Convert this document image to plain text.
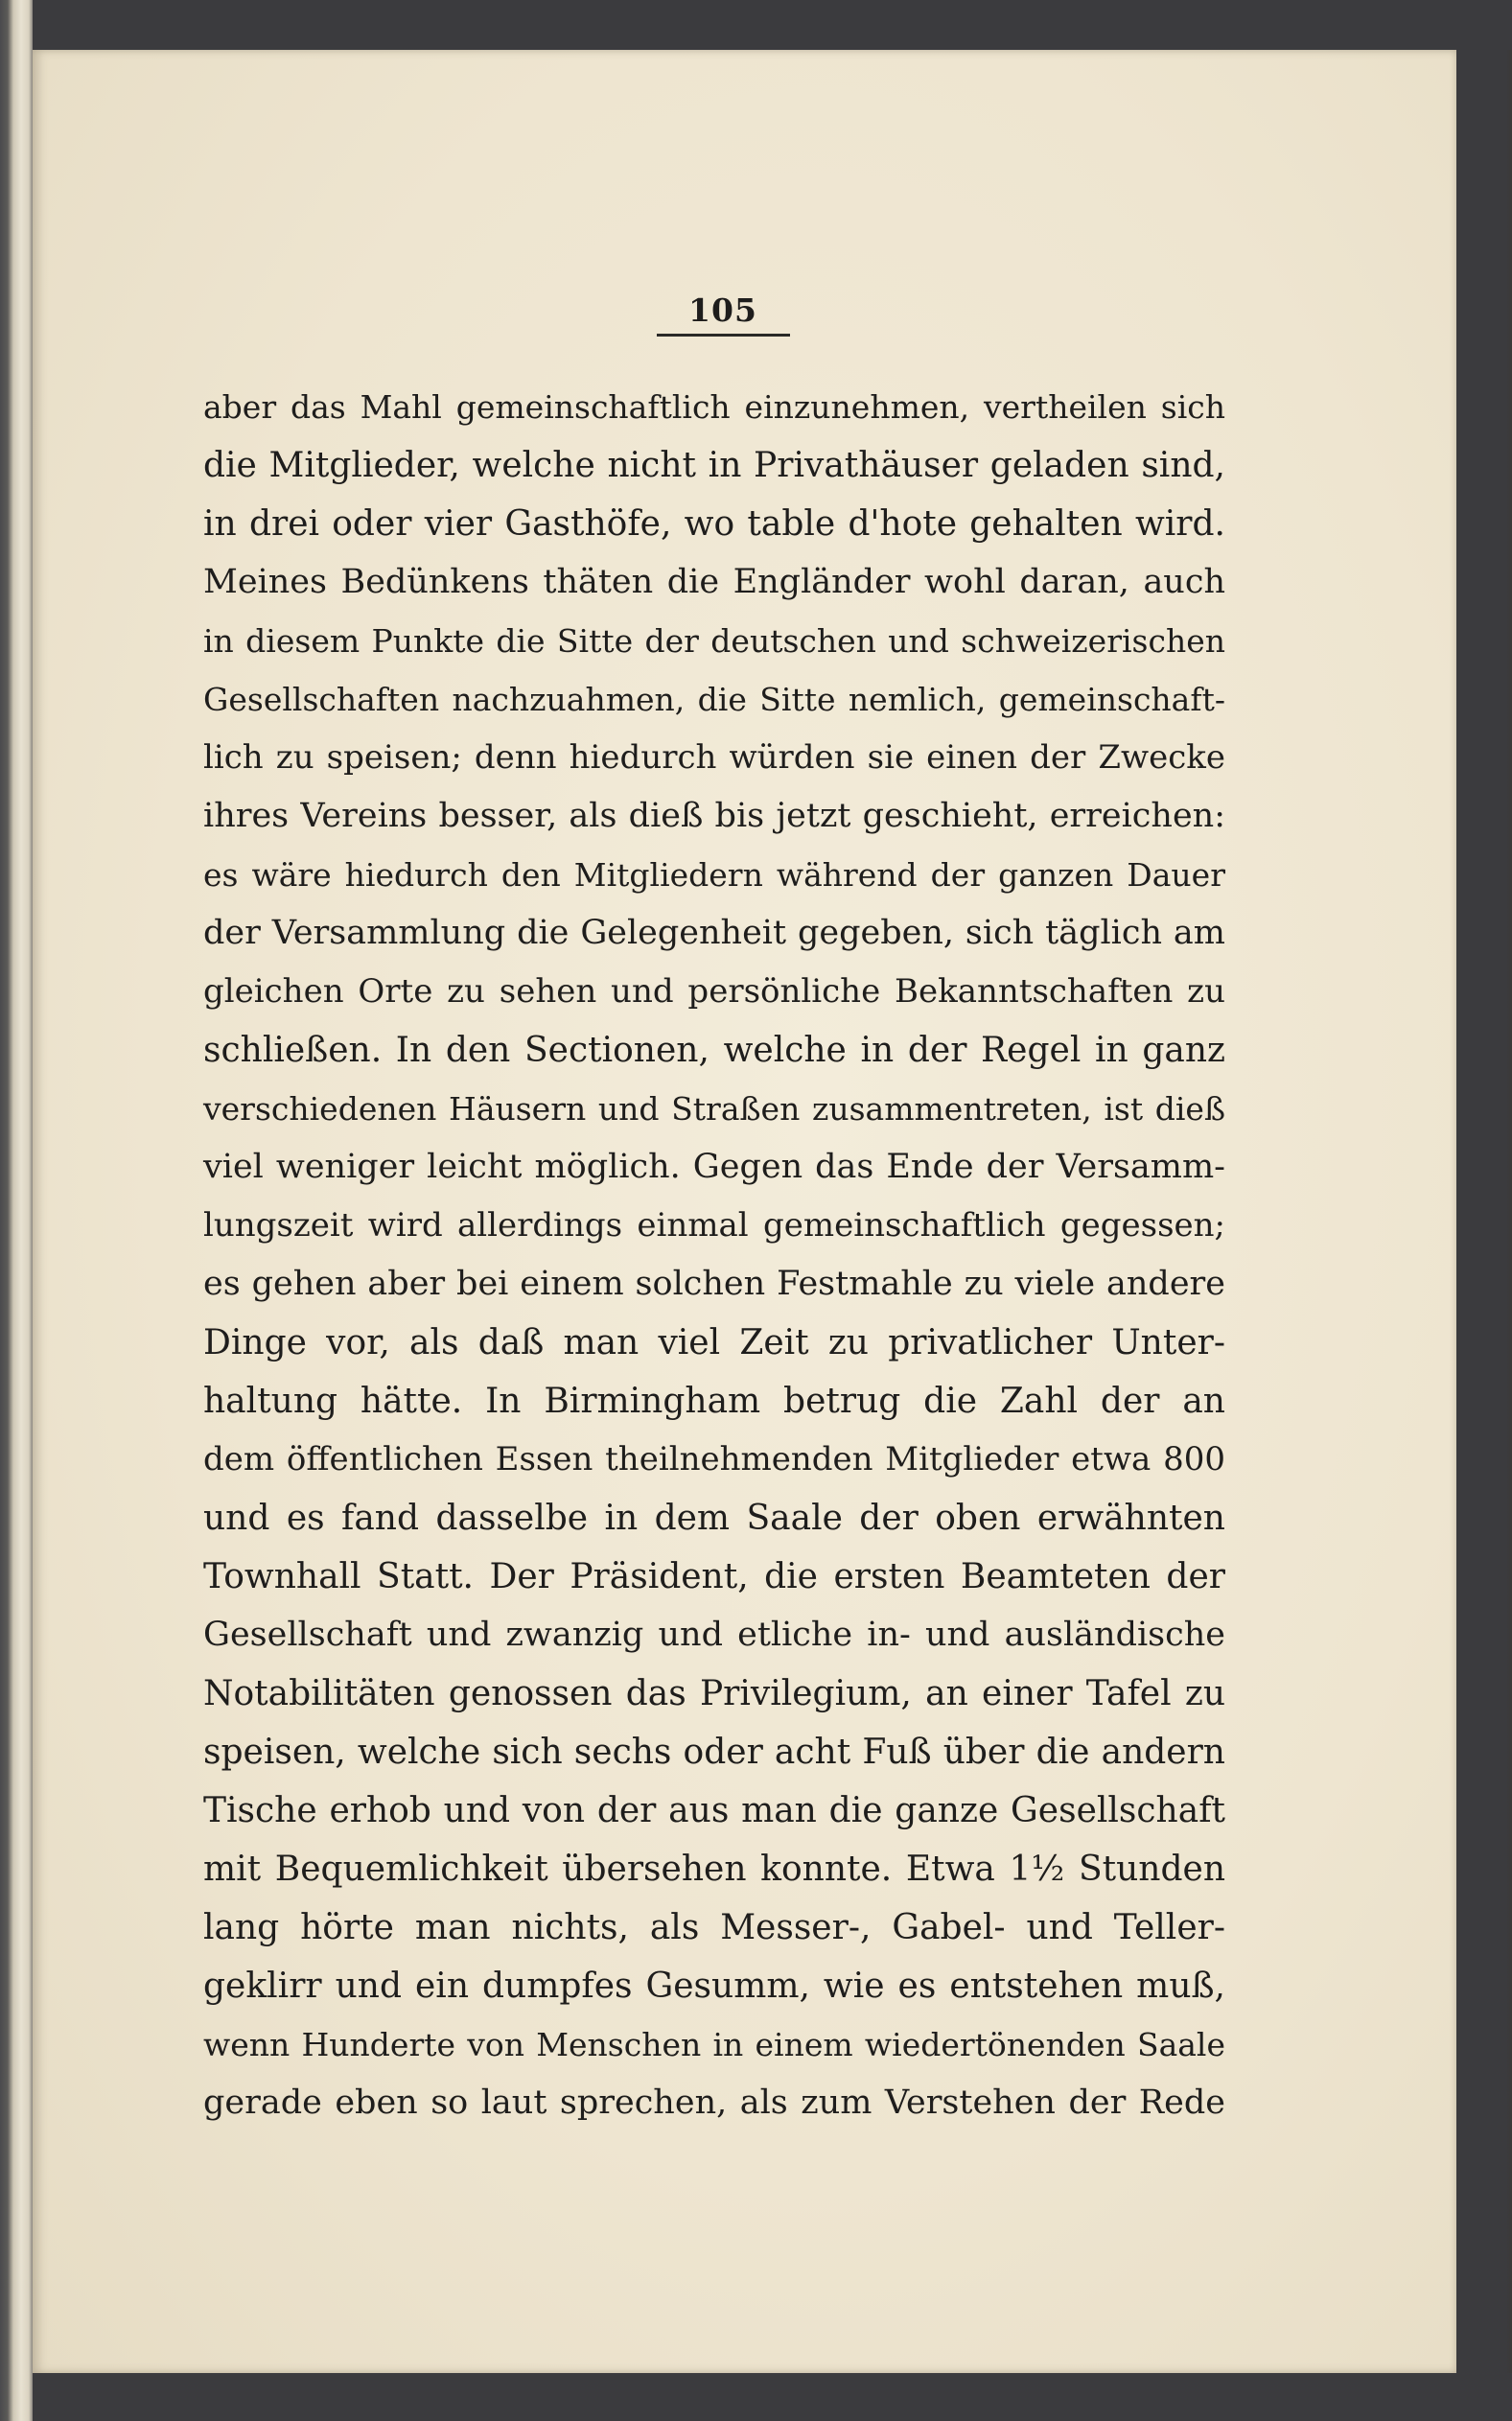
105
aber das Mahl gemeinschaftlich einzunehmen, vertheilen sich
die Mitglieder, welche nicht in Privathäuser geladen sind,
in drei oder vier Gasthöfe, wo table d'hote gehalten wird.
Meines Bedünkens thäten die Engländer wohl daran, auch
in diesem Punkte die Sitte der deutschen und schweizerischen
Gesellschaften nachzuahmen, die Sitte nemlich, gemeinschaft-
lich zu speisen; denn hiedurch würden sie einen der Zwecke
ihres Vereins besser, als dieß bis jetzt geschieht, erreichen:
es wäre hiedurch den Mitgliedern während der ganzen Dauer
der Versammlung die Gelegenheit gegeben, sich täglich am
gleichen Orte zu sehen und persönliche Bekanntschaften zu
schließen. In den Sectionen, welche in der Regel in ganz
verschiedenen Häusern und Straßen zusammentreten, ist dieß
viel weniger leicht möglich. Gegen das Ende der Versamm-
lungszeit wird allerdings einmal gemeinschaftlich gegessen;
es gehen aber bei einem solchen Festmahle zu viele andere
Dinge vor, als daß man viel Zeit zu privatlicher Unter-
haltung hätte. In Birmingham betrug die Zahl der an
dem öffentlichen Essen theilnehmenden Mitglieder etwa 800
und es fand dasselbe in dem Saale der oben erwähnten
Townhall Statt. Der Präsident, die ersten Beamteten der
Gesellschaft und zwanzig und etliche in- und ausländische
Notabilitäten genossen das Privilegium, an einer Tafel zu
speisen, welche sich sechs oder acht Fuß über die andern
Tische erhob und von der aus man die ganze Gesellschaft
mit Bequemlichkeit übersehen konnte. Etwa 1½ Stunden
lang hörte man nichts, als Messer-, Gabel- und Teller-
geklirr und ein dumpfes Gesumm, wie es entstehen muß,
wenn Hunderte von Menschen in einem wiedertönenden Saale
gerade eben so laut sprechen, als zum Verstehen der Rede
